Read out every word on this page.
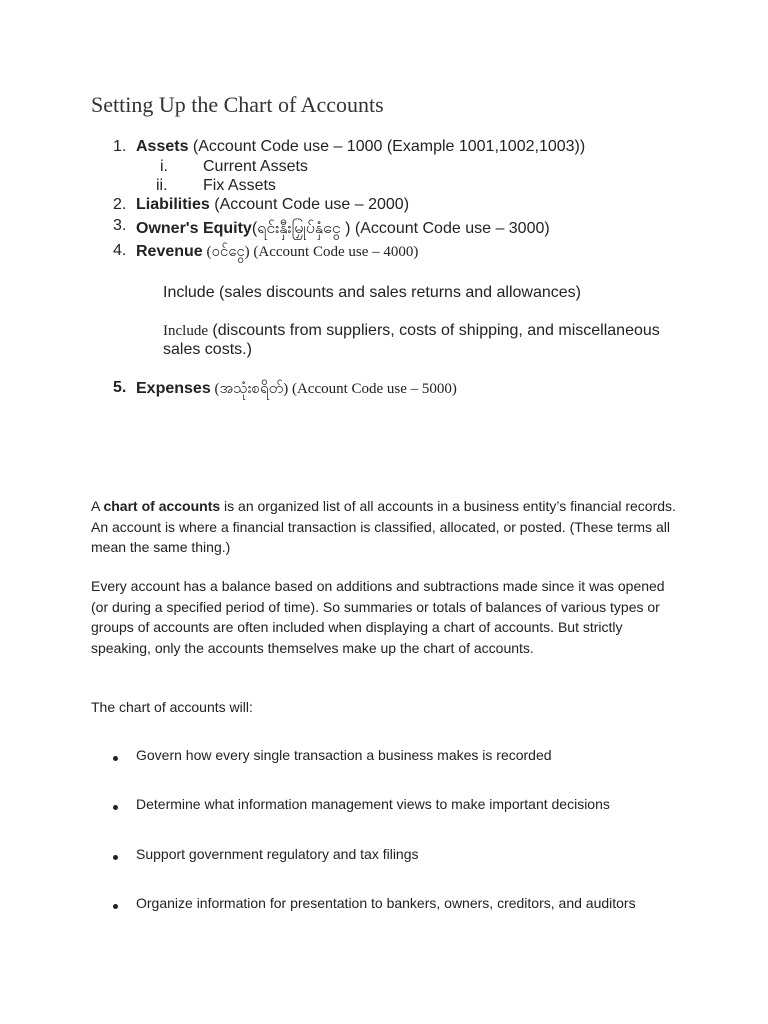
Setting Up the Chart of Accounts
1. Assets (Account Code use – 1000 (Example 1001,1002,1003))
i. Current Assets
ii. Fix Assets
2. Liabilities (Account Code use – 2000)
3. Owner's Equity(ရင်းနှီးမြှုပ်နှံငွေ ) (Account Code use – 3000)
4. Revenue (ဝင်ငွေ) (Account Code use – 4000)
Include (sales discounts and sales returns and allowances)
Include (discounts from suppliers, costs of shipping, and miscellaneous
sales costs.)
5. Expenses (အသုံးစရိတ်) (Account Code use – 5000)
A chart of accounts is an organized list of all accounts in a business entity’s financial records. An account is where a financial transaction is classified, allocated, or posted. (These terms all mean the same thing.)
Every account has a balance based on additions and subtractions made since it was opened (or during a specified period of time). So summaries or totals of balances of various types or groups of accounts are often included when displaying a chart of accounts. But strictly speaking, only the accounts themselves make up the chart of accounts.
The chart of accounts will:
Govern how every single transaction a business makes is recorded
Determine what information management views to make important decisions
Support government regulatory and tax filings
Organize information for presentation to bankers, owners, creditors, and auditors
